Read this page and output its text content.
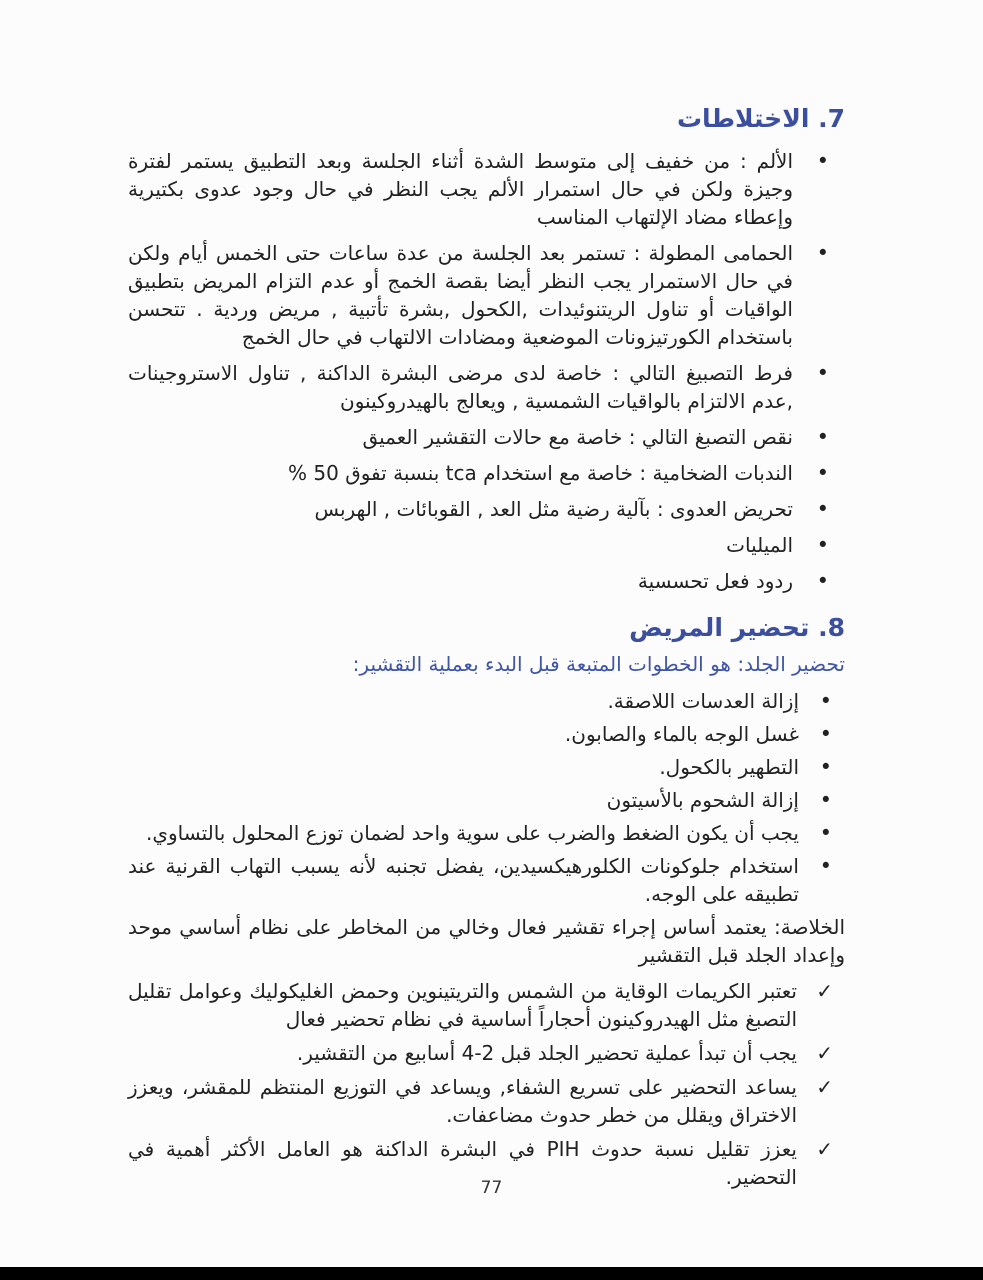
7. الاختلاطات
•
الألم : من خفيف إلى متوسط الشدة أثناء الجلسة وبعد التطبيق يستمر لفترة وجيزة ولكن في حال استمرار الألم يجب النظر في حال وجود عدوى بكتيرية وإعطاء مضاد الإلتهاب المناسب
•
الحمامى المطولة : تستمر بعد الجلسة من عدة ساعات حتى الخمس أيام ولكن في حال الاستمرار يجب النظر أيضا بقصة الخمج أو عدم التزام المريض بتطبيق الواقيات أو تناول الريتنوئيدات ,الكحول ,بشرة تأتبية , مريض وردية . تتحسن باستخدام الكورتيزونات الموضعية ومضادات الالتهاب في حال الخمج
•
فرط التصبيغ التالي : خاصة لدى مرضى البشرة الداكنة , تناول الاستروجينات ,عدم الالتزام بالواقيات الشمسية , ويعالج بالهيدروكينون
•
نقص التصبغ التالي : خاصة مع حالات التقشير العميق
•
الندبات الضخامية : خاصة مع استخدام tca بنسبة تفوق 50 %
•
تحريض العدوى : بآلية رضية مثل العد , القوبائات , الهربس
•
الميليات
•
ردود فعل تحسسية
8. تحضير المريض

تحضير الجلد: هو الخطوات المتبعة قبل البدء بعملية التقشير:

•
إزالة العدسات اللاصقة.
•
غسل الوجه بالماء والصابون.
•
التطهير بالكحول.
•
إزالة الشحوم بالأسيتون
•
يجب أن يكون الضغط والضرب على سوية واحد لضمان توزع المحلول بالتساوي.
•
استخدام جلوكونات الكلورهيكسيدين، يفضل تجنبه لأنه يسبب التهاب القرنية عند تطبيقه على الوجه.

الخلاصة: يعتمد أساس إجراء تقشير فعال وخالي من المخاطر على نظام أساسي موحد وإعداد الجلد قبل التقشير

✓
تعتبر الكريمات الوقاية من الشمس والتريتينوين وحمض الغليكوليك وعوامل تقليل التصبغ مثل الهيدروكينون أحجاراً أساسية في نظام تحضير فعال
✓
يجب أن تبدأ عملية تحضير الجلد قبل 2-4 أسابيع من التقشير.
✓
يساعد التحضير على تسريع الشفاء, ويساعد في التوزيع المنتظم للمقشر، ويعزز الاختراق ويقلل من خطر حدوث مضاعفات.
✓
يعزز تقليل نسبة حدوث PIH في البشرة الداكنة هو العامل الأكثر أهمية في التحضير.
77
